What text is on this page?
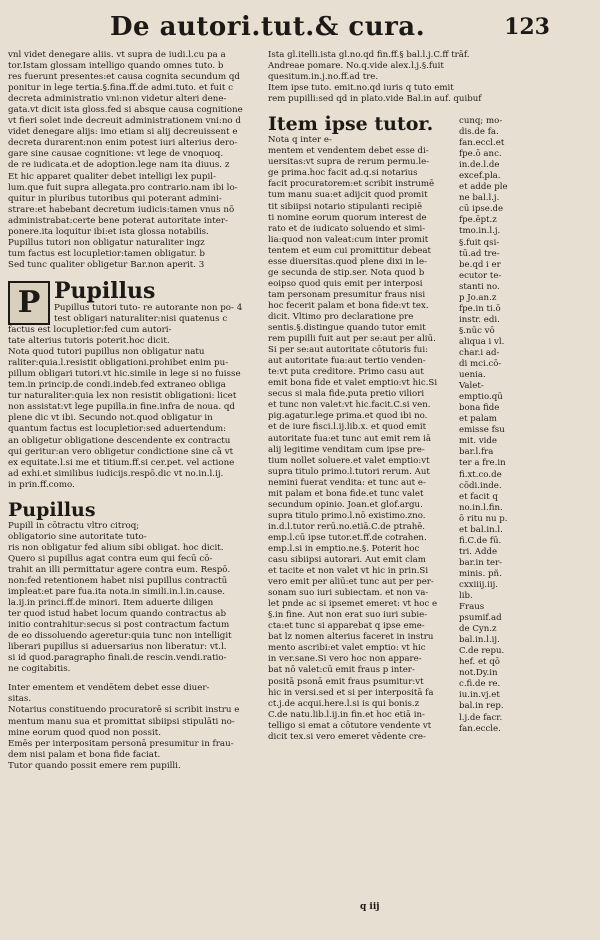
De autori.tut.& cura.	123
vnl videt denegare aliis. vt supra de iudi.l.cu pa a
tor.Istam glossam intelligo quando omnes tuto. b
res fuerunt presentes:et causa cognita secundum qd
ponitur in lege tertia.§.fina.ff.de admi.tuto. et fuit c
decreta administratio vni:non videtur alteri dene-
gata.vt dicit ista gloss.fed si absque causa cognitione
vt fieri solet inde decreuit administrationem vni:no d
videt denegare alijs: imo etiam si alij decreuissent e
decreta durarent:non enim potest iuri alterius dero-
gare sine causae cognitione: vt lege de vnoquoq.
de re iudicata.et de adoption.lege nam ita diuus. z
Et hic apparet qualiter debet intelligi lex pupil-
lum.que fuit supra allegata.pro contrario.nam ibi lo-
quitur in pluribus tutoribus qui poterant admini-
strare:et habebant decretum iudicis:tamen vnus nō
administrabat:certe bene poterat autoritate inter-
ponere.ita loquitur ibi:et ista glossa notabilis.
Pupillus tutori non obligatur naturaliter ingz
tum factus est locupletior:tamen obligatur. b
Sed tunc qualiter obligetur Bar.non aperit. 3
P Pupillus
Pupillus tutori tuto- re autorante non po- 4
test obligari naturaliter:nisi quatenus c
factus est locupletior:fed cum autori-
tate alterius tutoris poterit.hoc dicit.
Nota quod tutori pupillus non obligatur natu
raliter:quia.l.resistit obligationi.prohibet enim pu-
pillum obligari tutori.vt hic.simile in lege si no fuisse
tem.in princip.de condi.indeb.fed extraneo obliga
tur naturaliter:quia lex non resistit obligationi: licet
non assistat:vt lege pupilla.in fine.infra de noua. qd
plene dic vt ibi. Secundo not.quod obligatur in
quantum factus est locupletior:sed aduertendum:
an obligetur obligatione descendente ex contractu
qui geritur:an vero obligetur condictione sine cā vt
ex equitate.l.si me et titium.ff.si cer.pet. vel actione
ad exhi.et similibus iudicijs.respō.dic vt no.in.l.ij.
in prin.ff.como.
Pupillus
Pupill in cōtractu vltro citroq;
obligatorio sine autoritate tuto-
ris non obligatur fed alium sibi obligat. hoc dicit.
Quero si pupillus agat contra eum qui fecū cō-
trahit an illi permittatur agere contra eum. Respō.
non:fed retentionem habet nisi pupillus contractū
impleat:et pare fua.ita nota.in simili.in.l.in.cause.
la.ij.in princi.ff.de minori. Item aduerte diligen
ter quod istud habet locum quando contractus ab
initio contrahitur:secus si post contractum factum
de eo dissoluendo ageretur:quia tunc non intelligit
liberari pupillus si aduersarius non liberatur: vt.l.
si id quod.paragrapho finali.de rescin.vendi.ratio-
ne cogitabitis.
Inter ementem et vendētem debet esse diuer-
sitas.
Notarius constituendo procuratorē si scribit instru e
mentum manu sua et promittat sibiipsi stipulāti no-
mine eorum quod quod non possit.
Emēs per interpositam personā presumitur in frau-
dem nisi palam et bona fide faciat.
Tutor quando possit emere rem pupilli.
Ista gl.itelli.ista gl.no.qd fin.ff.§ bal.l.j.C.ff trāf.
Andreae pomare. No.q.vide alex.l.j.§.fuit
quesitum.in.j.no.ff.ad tre.
Item ipse tuto. emit.no.qd iuris q tuto emit
rem pupilli:sed qd in plato.vide Bal.in auf. quibuf
Item ipse tutor.
Nota q inter e-
mentem et vendentem debet esse di-
uersitas:vt supra de rerum permu.le-
ge prima.hoc facit ad.q.si notarius
facit procuratorem:et scribit instrumē
tum manu sua:et adijcit quod promit
tit sibiipsi notario stipulanti recipiē
ti nomine eorum quorum interest de
rato et de iudicato soluendo et simi-
lia:quod non valeat:cum inter promit
tentem et eum cui promittitur debeat
esse diuersitas.quod plene dixi in le-
ge secunda de stip.ser. Nota quod b
eoipso quod quis emit per interposi
tam personam presumitur fraus nisi
hoc fecerit palam et bona fide:vt tex.
dicit. Vltimo pro declaratione pre
sentis.§.distingue quando tutor emit
rem pupilli fuit aut per se:aut per aliū.
Si per se:aut autoritate cōtutoris fui:
aut autoritate fua:aut tertio venden-
te:vt puta creditore. Primo casu aut
emit bona fide et valet emptio:vt hic.Si
secus si mala fide.puta pretio viliori
et tunc non valet:vt hic.facit.C.si ven.
pig.agatur.lege prima.et quod ibi no.
et de iure fisci.l.ij.lib.x. et quod emit
autoritate fua:et tunc aut emit rem iā
alij legitime venditam cum ipse pre-
tium nollet soluere.et valet emptio:vt
supra titulo primo.l.tutori rerum. Aut
nemini fuerat vendita: et tunc aut e-
mit palam et bona fide.et tunc valet
secundum opinio. Joan.et glof.argu.
supra titulo primo.l.nō existimo.zno.
in.d.l.tutor rerū.no.etiā.C.de ptrahē.
emp.l.cū ipse tutor.et.ff.de cotrahen.
emp.l.si in emptio.ne.§. Poterit hoc
casu sibiipsi autorari. Aut emit clam
et tacite et non valet vt hic in prin.Si
vero emit per aliū:et tunc aut per per-
sonam suo iuri subiectam. et non va-
let pnde ac si ipsemet emeret: vt hoc e
§.in fine. Aut non erat suo iuri subie-
cta:et tunc si apparebat q ipse eme-
bat lz nomen alterius faceret in instru
mento ascribi:et valet emptio: vt hic
in ver.sane.Si vero hoc non appare-
bat nō valet:cū emit fraus p inter-
positā psonā emit fraus psumitur:vt
hic in versi.sed et si per interpositā fa
ct.j.de acqui.here.l.si is qui bonis.z
C.de natu.lib.l.ij.in fin.et hoc etiā in-
telligo si emat a cōtutore vendente vt
dicit tex.si vero emeret vēdente cre-
cunq; mo-
dis.de fa.
fan.eccl.et
fpe.ō anc.
in.de.l.de
excef.pla.
et adde ple
ne bal.l.j.
cū ipse.de
fpe.ēpt.z
tmo.in.l.j.
§.fuit qsi-
tū.ad tre-
be.qd i er
ecutor te-
stanti no.
p Jo.an.z
fpe.in ti.ō
instr. edi.
§.nūc vō
aliqua i vl.
char.i ad-
di mci.cō-
uenia.
Valet-
emptio.qū
bona fide
et palam
emisse fsu
mit. vide
bar.l.fra
ter a fre.in
fi.xt.co.de
cōdi.inde.
et facit q
no.in.l.fin.
ō ritu nu p.
et bal.in.l.
fi.C.de fū.
tri. Adde
bar.in ter-
minis. pñ.
cxxiiij.iij.
lib.
Fraus
psumif.ad
de Cyn.z
bal.in.l.ij.
C.de repu.
hef. et qō
not.Dy.in
c.fi.de re.
iu.in.vj.et
bal.in rep.
l.j.de facr.
fan.eccle.
q iij
